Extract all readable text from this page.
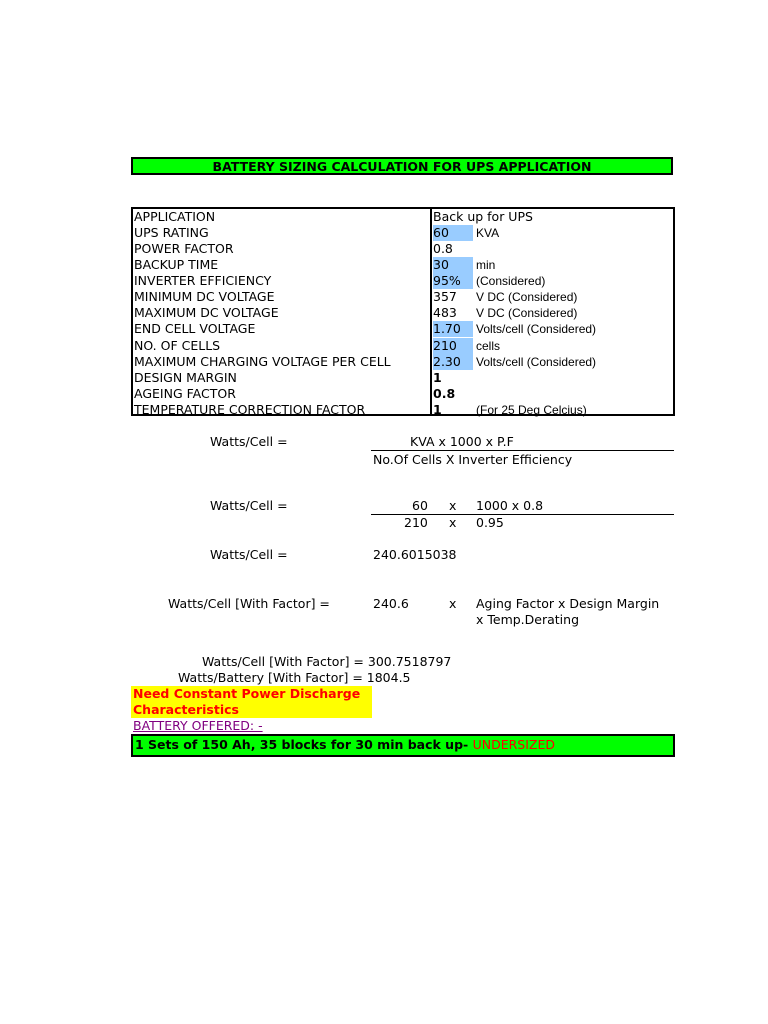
BATTERY SIZING CALCULATION FOR UPS APPLICATION
APPLICATION	Back up for UPS
UPS RATING	60	KVA
POWER FACTOR	0.8
BACKUP TIME	30	min
INVERTER EFFICIENCY	95%	(Considered)
MINIMUM DC VOLTAGE	357	V DC (Considered)
MAXIMUM DC VOLTAGE	483	V DC (Considered)
END CELL VOLTAGE	1.70	Volts/cell (Considered)
NO. OF CELLS	210	cells
MAXIMUM CHARGING VOLTAGE PER CELL	2.30	Volts/cell (Considered)
DESIGN MARGIN	1
AGEING FACTOR	0.8
TEMPERATURE CORRECTION FACTOR	1	(For 25 Deg Celcius)
Watts/Cell =	KVA x 1000 x P.F
No.Of Cells X Inverter Efficiency
Watts/Cell =	60 x 1000 x 0.8
210 x 0.95
Watts/Cell =	240.6015038
Watts/Cell [With Factor] =	240.6	x Aging Factor x Design Margin
x Temp.Derating
Watts/Cell [With Factor] = 300.7518797
Watts/Battery [With Factor] = 1804.5
Need Constant Power Discharge
Characteristics
BATTERY OFFERED: -
1 Sets of 150 Ah, 35 blocks for 30 min back up- UNDERSIZED
